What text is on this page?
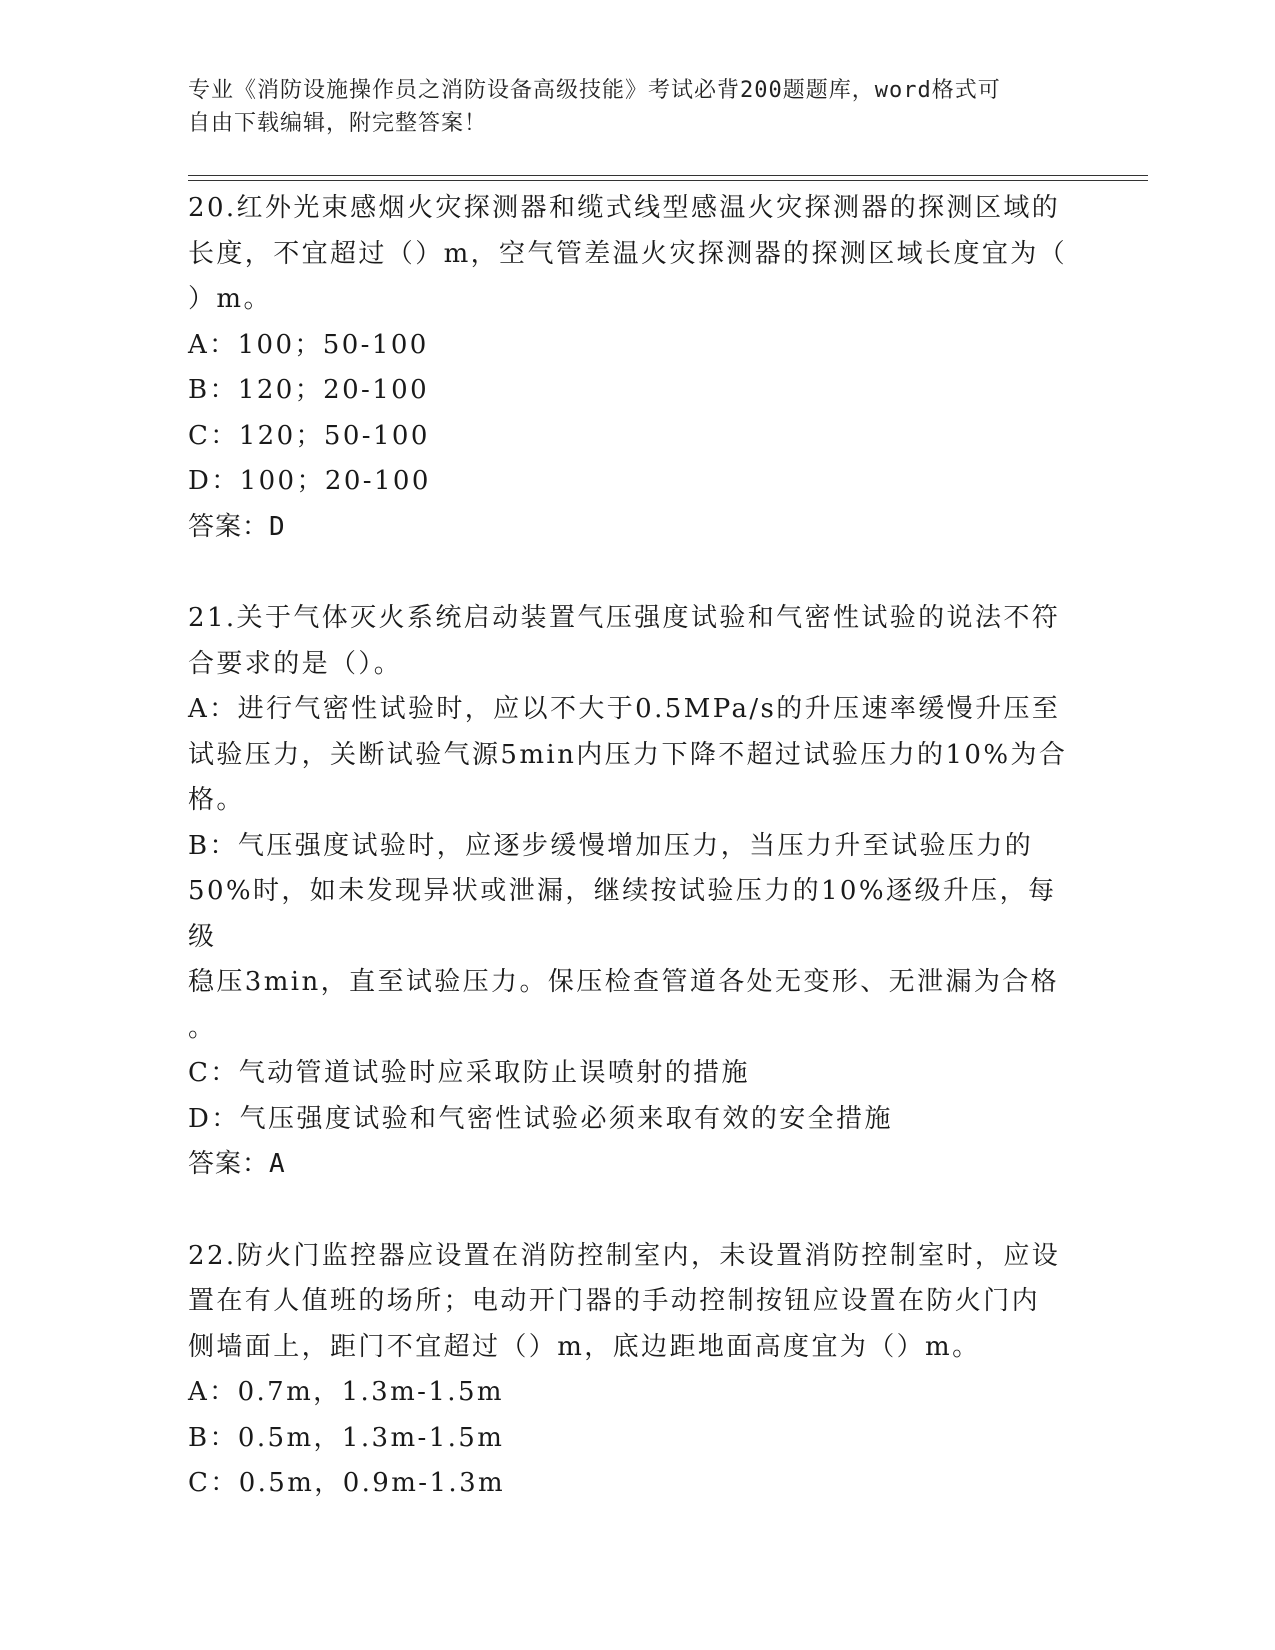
专业《消防设施操作员之消防设备高级技能》考试必背200题题库，word格式可

自由下载编辑，附完整答案！

20.红外光束感烟火灾探测器和缆式线型感温火灾探测器的探测区域的

长度，不宜超过（）m，空气管差温火灾探测器的探测区域长度宜为（

）m。

A：100；50-100

B：120；20-100

C：120；50-100

D：100；20-100

答案：D

21.关于气体灭火系统启动装置气压强度试验和气密性试验的说法不符

合要求的是（）。

A：进行气密性试验时，应以不大于0.5MPa/s的升压速率缓慢升压至

试验压力，关断试验气源5min内压力下降不超过试验压力的10%为合

格。

B：气压强度试验时，应逐步缓慢增加压力，当压力升至试验压力的

50%时，如未发现异状或泄漏，继续按试验压力的10%逐级升压，每级

稳压3min，直至试验压力。保压检查管道各处无变形、无泄漏为合格

。

C：气动管道试验时应采取防止误喷射的措施

D：气压强度试验和气密性试验必须来取有效的安全措施

答案：A

22.防火门监控器应设置在消防控制室内，未设置消防控制室时，应设

置在有人值班的场所；电动开门器的手动控制按钮应设置在防火门内

侧墙面上，距门不宜超过（）m，底边距地面高度宜为（）m。

A：0.7m，1.3m-1.5m

B：0.5m，1.3m-1.5m

C：0.5m，0.9m-1.3m
